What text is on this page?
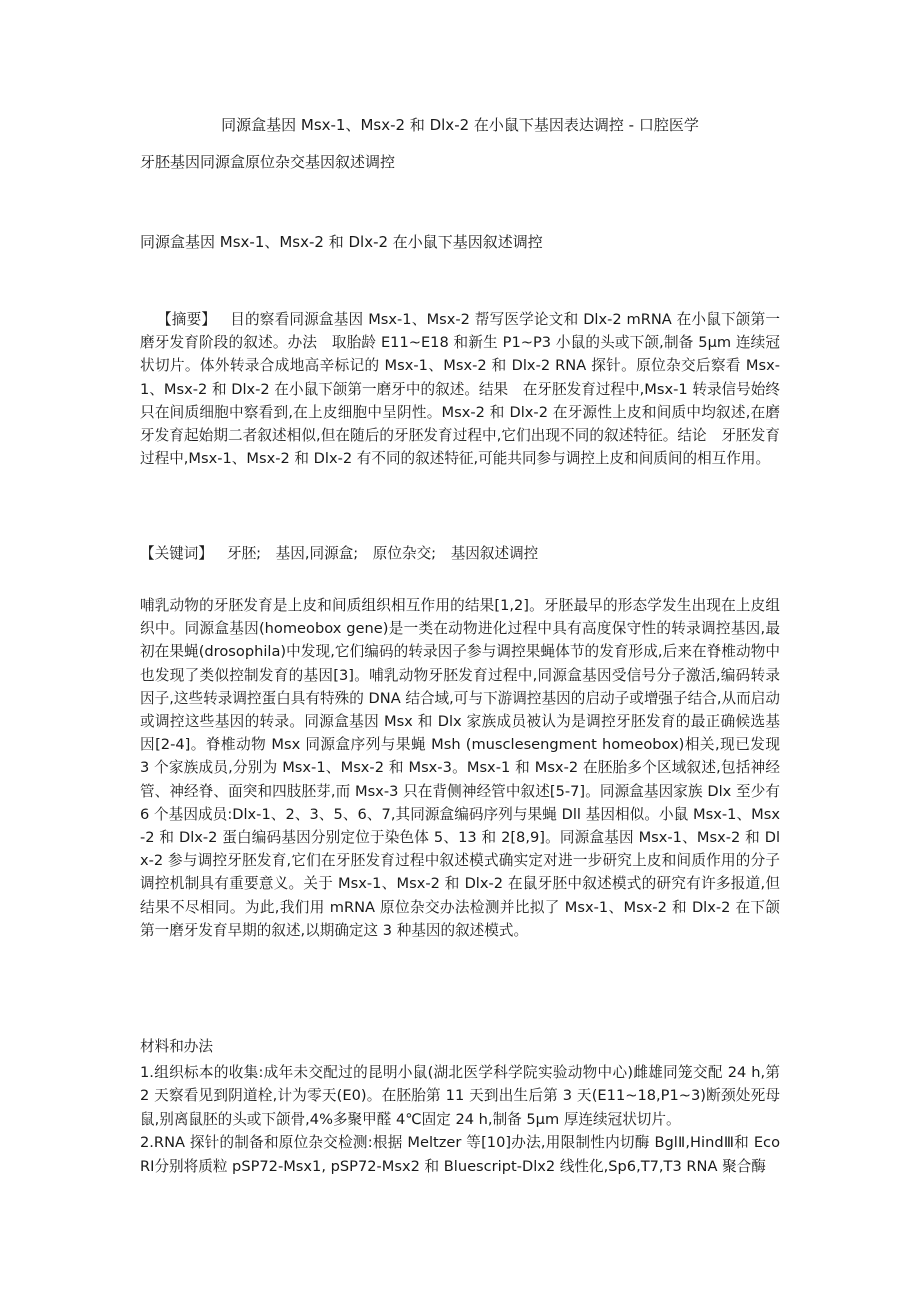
同源盒基因 Msx-1、Msx-2 和 Dlx-2 在小鼠下基因表达调控 - 口腔医学

牙胚基因同源盒原位杂交基因叙述调控

同源盒基因 Msx-1、Msx-2 和 Dlx-2 在小鼠下基因叙述调控

【摘要】 目的察看同源盒基因 Msx-1、Msx-2 帮写医学论文和 Dlx-2 mRNA 在小鼠下颌第一磨牙发育阶段的叙述。办法　取胎龄 E11~E18 和新生 P1~P3 小鼠的头或下颌,制备 5μm 连续冠状切片。体外转录合成地高辛标记的 Msx-1、Msx-2 和 Dlx-2 RNA 探针。原位杂交后察看 Msx-1、Msx-2 和 Dlx-2 在小鼠下颌第一磨牙中的叙述。结果　在牙胚发育过程中,Msx-1 转录信号始终只在间质细胞中察看到,在上皮细胞中呈阴性。Msx-2 和 Dlx-2 在牙源性上皮和间质中均叙述,在磨牙发育起始期二者叙述相似,但在随后的牙胚发育过程中,它们出现不同的叙述特征。结论　牙胚发育过程中,Msx-1、Msx-2 和 Dlx-2 有不同的叙述特征,可能共同参与调控上皮和间质间的相互作用。

【关键词】 牙胚;　基因,同源盒;　原位杂交;　基因叙述调控

哺乳动物的牙胚发育是上皮和间质组织相互作用的结果[1,2]。牙胚最早的形态学发生出现在上皮组织中。同源盒基因(homeobox gene)是一类在动物进化过程中具有高度保守性的转录调控基因,最初在果蝇(drosophila)中发现,它们编码的转录因子参与调控果蝇体节的发育形成,后来在脊椎动物中也发现了类似控制发育的基因[3]。哺乳动物牙胚发育过程中,同源盒基因受信号分子激活,编码转录因子,这些转录调控蛋白具有特殊的 DNA 结合域,可与下游调控基因的启动子或增强子结合,从而启动或调控这些基因的转录。同源盒基因 Msx 和 Dlx 家族成员被认为是调控牙胚发育的最正确候选基因[2-4]。脊椎动物 Msx 同源盒序列与果蝇 Msh (musclesengment homeobox)相关,现已发现 3 个家族成员,分别为 Msx-1、Msx-2 和 Msx-3。Msx-1 和 Msx-2 在胚胎多个区域叙述,包括神经管、神经脊、面突和四肢胚芽,而 Msx-3 只在背侧神经管中叙述[5-7]。同源盒基因家族 Dlx 至少有 6 个基因成员:Dlx-1、2、3、5、6、7,其同源盒编码序列与果蝇 Dll 基因相似。小鼠 Msx-1、Msx-2 和 Dlx-2 蛋白编码基因分别定位于染色体 5、13 和 2[8,9]。同源盒基因 Msx-1、Msx-2 和 Dlx-2 参与调控牙胚发育,它们在牙胚发育过程中叙述模式确实定对进一步研究上皮和间质作用的分子调控机制具有重要意义。关于 Msx-1、Msx-2 和 Dlx-2 在鼠牙胚中叙述模式的研究有许多报道,但结果不尽相同。为此,我们用 mRNA 原位杂交办法检测并比拟了 Msx-1、Msx-2 和 Dlx-2 在下颌第一磨牙发育早期的叙述,以期确定这 3 种基因的叙述模式。

材料和办法
1.组织标本的收集:成年未交配过的昆明小鼠(湖北医学科学院实验动物中心)雌雄同笼交配 24 h,第 2 天察看见到阴道栓,计为零天(E0)。在胚胎第 11 天到出生后第 3 天(E11~18,P1~3)断颈处死母鼠,别离鼠胚的头或下颌骨,4%多聚甲醛 4℃固定 24 h,制备 5μm 厚连续冠状切片。
2.RNA 探针的制备和原位杂交检测:根据 Meltzer 等[10]办法,用限制性内切酶 BglⅡ,HindⅢ和 EcoRⅠ分别将质粒 pSP72-Msx1, pSP72-Msx2 和 Bluescript-Dlx2 线性化,Sp6,T7,T3 RNA 聚合酶
